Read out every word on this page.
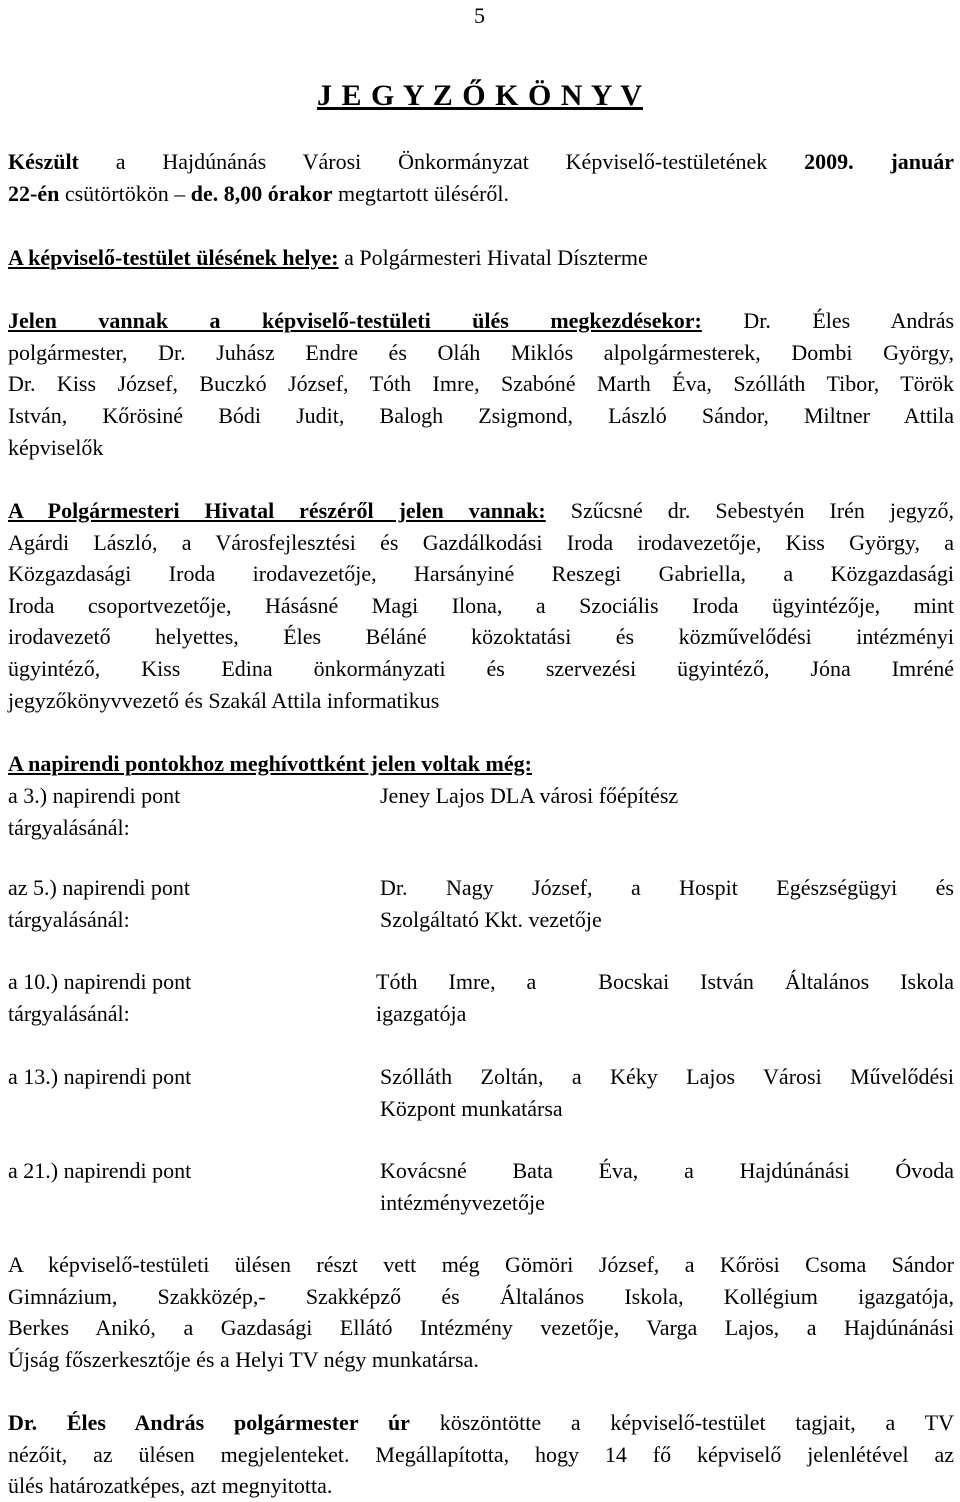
5
J E G Y Z Ő K Ö N Y V
Készült a Hajdúnánás Városi Önkormányzat Képviselő-testületének 2009. január
22-én csütörtökön – de. 8,00 órakor megtartott üléséről.
A képviselő-testület ülésének helye: a Polgármesteri Hivatal Díszterme
Jelen vannak a képviselő-testületi ülés megkezdésekor: Dr. Éles András
polgármester, Dr. Juhász Endre és Oláh Miklós alpolgármesterek, Dombi György,
Dr. Kiss József, Buczkó József, Tóth Imre, Szabóné Marth Éva, Szólláth Tibor, Török
István, Kőrösiné Bódi Judit, Balogh Zsigmond, László Sándor, Miltner Attila
képviselők
A Polgármesteri Hivatal részéről jelen vannak: Szűcsné dr. Sebestyén Irén jegyző,
Agárdi László, a Városfejlesztési és Gazdálkodási Iroda irodavezetője, Kiss György, a
Közgazdasági Iroda irodavezetője, Harsányiné Reszegi Gabriella, a Közgazdasági
Iroda csoportvezetője, Hásásné Magi Ilona, a Szociális Iroda ügyintézője, mint
irodavezető helyettes, Éles Béláné közoktatási és közművelődési intézményi
ügyintéző, Kiss Edina önkormányzati és szervezési ügyintéző, Jóna Imréné
jegyzőkönyvvezető és Szakál Attila informatikus
A napirendi pontokhoz meghívottként jelen voltak még:
a 3.) napirendi pont
tárgyalásánál:
Jeney Lajos DLA városi főépítész
az 5.) napirendi pont
tárgyalásánál:
Dr. Nagy József, a Hospit Egészségügyi és
Szolgáltató Kkt. vezetője
a 10.) napirendi pont
tárgyalásánál:
Tóth Imre, a  Bocskai István Általános Iskola
igazgatója
a 13.) napirendi pont	Szólláth Zoltán, a Kéky Lajos Városi Művelődési
Központ munkatársa
a 21.) napirendi pont	Kovácsné Bata Éva, a Hajdúnánási Óvoda
intézményvezetője
A képviselő-testületi ülésen részt vett még Gömöri József, a Kőrösi Csoma Sándor
Gimnázium, Szakközép,- Szakképző és Általános Iskola, Kollégium igazgatója,
Berkes Anikó, a Gazdasági Ellátó Intézmény vezetője, Varga Lajos, a Hajdúnánási
Újság főszerkesztője és a Helyi TV négy munkatársa.
Dr. Éles András polgármester úr köszöntötte a képviselő-testület tagjait, a TV
nézőit, az ülésen megjelenteket. Megállapította, hogy 14 fő képviselő jelenlétével az
ülés határozatképes, azt megnyitotta.
